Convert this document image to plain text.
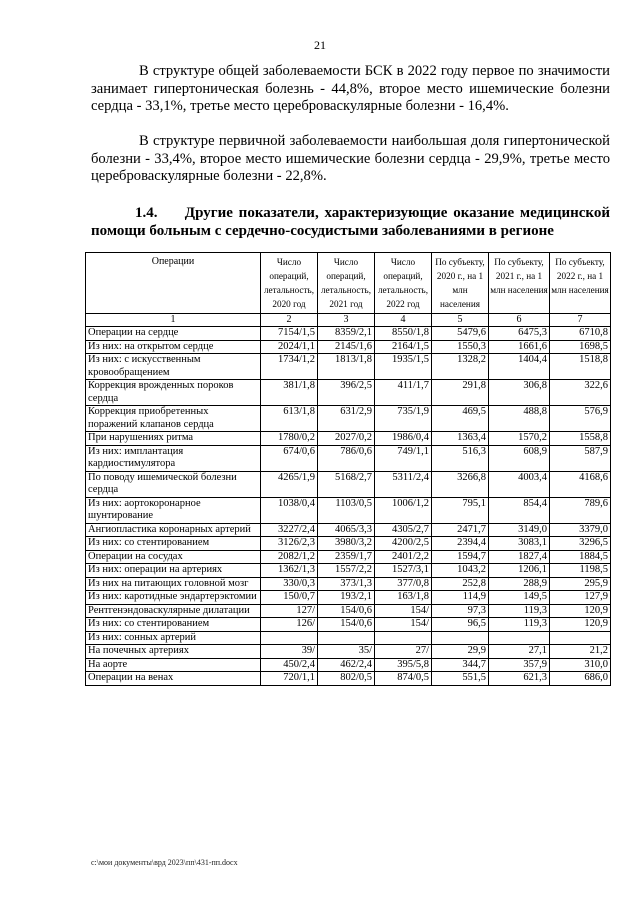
21

В структуре общей заболеваемости БСК в 2022 году первое по значимости занимает гипертоническая болезнь - 44,8%, второе место ишемические болезни сердца - 33,1%, третье место цереброваскулярные болезни - 16,4%.

В структуре первичной заболеваемости наибольшая доля гипертонической болезни - 33,4%, второе место ишемические болезни сердца - 29,9%, третье место цереброваскулярные болезни - 22,8%.

1.4. Другие показатели, характеризующие оказание медицинской помощи больным с сердечно-сосудистыми заболеваниями в регионе
Операции	Число операций, летальность, 2020 год	Число операций, летальность, 2021 год	Число операций, летальность, 2022 год	По субъекту, 2020 г., на 1 млн населения	По субъекту, 2021 г., на 1 млн населения	По субъекту, 2022 г., на 1 млн населения
1	2	3	4	5	6	7
Операции на сердце	7154/1,5	8359/2,1	8550/1,8	5479,6	6475,3	6710,8
Из них: на открытом сердце	2024/1,1	2145/1,6	2164/1,5	1550,3	1661,6	1698,5
Из них: с искусственным кровообращением	1734/1,2	1813/1,8	1935/1,5	1328,2	1404,4	1518,8
Коррекция врожденных пороков сердца	381/1,8	396/2,5	411/1,7	291,8	306,8	322,6
Коррекция приобретенных поражений клапанов сердца	613/1,8	631/2,9	735/1,9	469,5	488,8	576,9
При нарушениях ритма	1780/0,2	2027/0,2	1986/0,4	1363,4	1570,2	1558,8
Из них: имплантация кардиостимулятора	674/0,6	786/0,6	749/1,1	516,3	608,9	587,9
По поводу ишемической болезни сердца	4265/1,9	5168/2,7	5311/2,4	3266,8	4003,4	4168,6
Из них: аортокоронарное шунтирование	1038/0,4	1103/0,5	1006/1,2	795,1	854,4	789,6
Ангиопластика коронарных артерий	3227/2,4	4065/3,3	4305/2,7	2471,7	3149,0	3379,0
Из них: со стентированием	3126/2,3	3980/3,2	4200/2,5	2394,4	3083,1	3296,5
Операции на сосудах	2082/1,2	2359/1,7	2401/2,2	1594,7	1827,4	1884,5
Из них: операции на артериях	1362/1,3	1557/2,2	1527/3,1	1043,2	1206,1	1198,5
Из них на питающих головной мозг	330/0,3	373/1,3	377/0,8	252,8	288,9	295,9
Из них: каротидные эндартерэктомии	150/0,7	193/2,1	163/1,8	114,9	149,5	127,9
Рентгенэндоваскулярные дилатации	127/	154/0,6	154/	97,3	119,3	120,9
Из них: со стентированием	126/	154/0,6	154/	96,5	119,3	120,9
Из них: сонных артерий						
На почечных артериях	39/	35/	27/	29,9	27,1	21,2
На аорте	450/2,4	462/2,4	395/5,8	344,7	357,9	310,0
Операции на венах	720/1,1	802/0,5	874/0,5	551,5	621,3	686,0
c:\мои документы\врд 2023\пп\431-пп.docx
